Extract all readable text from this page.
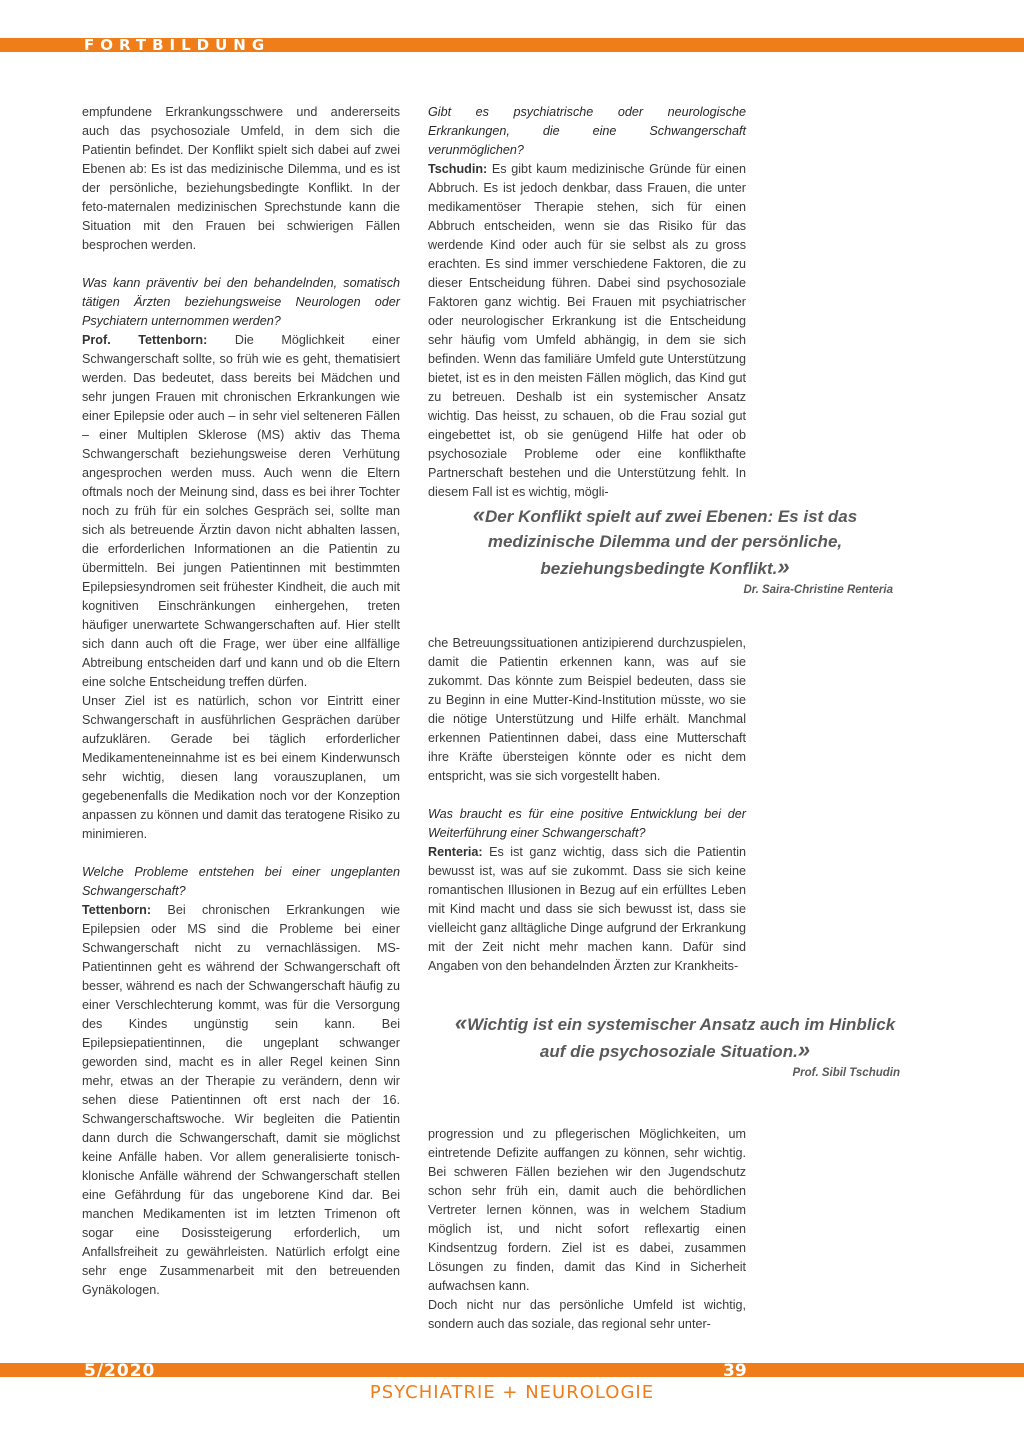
FORTBILDUNG

empfundene Erkrankungsschwere und andererseits auch das psychosoziale Umfeld, in dem sich die Patientin befindet. Der Konflikt spielt sich dabei auf zwei Ebenen ab: Es ist das medizinische Dilemma, und es ist der persönliche, beziehungsbedingte Konflikt. In der feto-maternalen medizinischen Sprechstunde kann die Situation mit den Frauen bei schwierigen Fällen besprochen werden.

Was kann präventiv bei den behandelnden, somatisch tätigen Ärzten beziehungsweise Neurologen oder Psychiatern unternommen werden?

Prof. Tettenborn: Die Möglichkeit einer Schwangerschaft sollte, so früh wie es geht, thematisiert werden. Das bedeutet, dass bereits bei Mädchen und sehr jungen Frauen mit chronischen Erkrankungen wie einer Epilepsie oder auch – in sehr viel selteneren Fällen – einer Multiplen Sklerose (MS) aktiv das Thema Schwangerschaft beziehungsweise deren Verhütung angesprochen werden muss. Auch wenn die Eltern oftmals noch der Meinung sind, dass es bei ihrer Tochter noch zu früh für ein solches Gespräch sei, sollte man sich als betreuende Ärztin davon nicht abhalten lassen, die erforderlichen Informationen an die Patientin zu übermitteln. Bei jungen Patientinnen mit bestimmten Epilepsiesyndromen seit frühester Kindheit, die auch mit kognitiven Einschränkungen einhergehen, treten häufiger unerwartete Schwangerschaften auf. Hier stellt sich dann auch oft die Frage, wer über eine allfällige Abtreibung entscheiden darf und kann und ob die Eltern eine solche Entscheidung treffen dürfen.

Unser Ziel ist es natürlich, schon vor Eintritt einer Schwangerschaft in ausführlichen Gesprächen darüber aufzuklären. Gerade bei täglich erforderlicher Medikamenteneinnahme ist es bei einem Kinderwunsch sehr wichtig, diesen lang vorauszuplanen, um gegebenenfalls die Medikation noch vor der Konzeption anpassen zu können und damit das teratogene Risiko zu minimieren.

Welche Probleme entstehen bei einer ungeplanten Schwangerschaft?

Tettenborn: Bei chronischen Erkrankungen wie Epilepsien oder MS sind die Probleme bei einer Schwangerschaft nicht zu vernachlässigen. MS-Patientinnen geht es während der Schwangerschaft oft besser, während es nach der Schwangerschaft häufig zu einer Verschlechterung kommt, was für die Versorgung des Kindes ungünstig sein kann. Bei Epilepsiepatientinnen, die ungeplant schwanger geworden sind, macht es in aller Regel keinen Sinn mehr, etwas an der Therapie zu verändern, denn wir sehen diese Patientinnen oft erst nach der 16. Schwangerschaftswoche. Wir begleiten die Patientin dann durch die Schwangerschaft, damit sie möglichst keine Anfälle haben. Vor allem generalisierte tonisch-klonische Anfälle während der Schwangerschaft stellen eine Gefährdung für das ungeborene Kind dar. Bei manchen Medikamenten ist im letzten Trimenon oft sogar eine Dosissteigerung erforderlich, um Anfallsfreiheit zu gewährleisten. Natürlich erfolgt eine sehr enge Zusammenarbeit mit den betreuenden Gynäkologen.

Gibt es psychiatrische oder neurologische Erkrankungen, die eine Schwangerschaft verunmöglichen?

Tschudin: Es gibt kaum medizinische Gründe für einen Abbruch. Es ist jedoch denkbar, dass Frauen, die unter medikamentöser Therapie stehen, sich für einen Abbruch entscheiden, wenn sie das Risiko für das werdende Kind oder auch für sie selbst als zu gross erachten. Es sind immer verschiedene Faktoren, die zu dieser Entscheidung führen. Dabei sind psychosoziale Faktoren ganz wichtig. Bei Frauen mit psychiatrischer oder neurologischer Erkrankung ist die Entscheidung sehr häufig vom Umfeld abhängig, in dem sie sich befinden. Wenn das familiäre Umfeld gute Unterstützung bietet, ist es in den meisten Fällen möglich, das Kind gut zu betreuen. Deshalb ist ein systemischer Ansatz wichtig. Das heisst, zu schauen, ob die Frau sozial gut eingebettet ist, ob sie genügend Hilfe hat oder ob psychosoziale Probleme oder eine konflikthafte Partnerschaft bestehen und die Unterstützung fehlt. In diesem Fall ist es wichtig, mögli-

«Der Konflikt spielt auf zwei Ebenen: Es ist das medizinische Dilemma und der persönliche, beziehungsbedingte Konflikt.»
Dr. Saira-Christine Renteria

che Betreuungssituationen antizipierend durchzuspielen, damit die Patientin erkennen kann, was auf sie zukommt. Das könnte zum Beispiel bedeuten, dass sie zu Beginn in eine Mutter-Kind-Institution müsste, wo sie die nötige Unterstützung und Hilfe erhält. Manchmal erkennen Patientinnen dabei, dass eine Mutterschaft ihre Kräfte übersteigen könnte oder es nicht dem entspricht, was sie sich vorgestellt haben.

Was braucht es für eine positive Entwicklung bei der Weiterführung einer Schwangerschaft?

Renteria: Es ist ganz wichtig, dass sich die Patientin bewusst ist, was auf sie zukommt. Dass sie sich keine romantischen Illusionen in Bezug auf ein erfülltes Leben mit Kind macht und dass sie sich bewusst ist, dass sie vielleicht ganz alltägliche Dinge aufgrund der Erkrankung mit der Zeit nicht mehr machen kann. Dafür sind Angaben von den behandelnden Ärzten zur Krankheits-

«Wichtig ist ein systemischer Ansatz auch im Hinblick auf die psychosoziale Situation.»
Prof. Sibil Tschudin

progression und zu pflegerischen Möglichkeiten, um eintretende Defizite auffangen zu können, sehr wichtig. Bei schweren Fällen beziehen wir den Jugendschutz schon sehr früh ein, damit auch die behördlichen Vertreter lernen können, was in welchem Stadium möglich ist, und nicht sofort reflexartig einen Kindsentzug fordern. Ziel ist es dabei, zusammen Lösungen zu finden, damit das Kind in Sicherheit aufwachsen kann.

Doch nicht nur das persönliche Umfeld ist wichtig, sondern auch das soziale, das regional sehr unter-

5/2020	39
PSYCHIATRIE + NEUROLOGIE
